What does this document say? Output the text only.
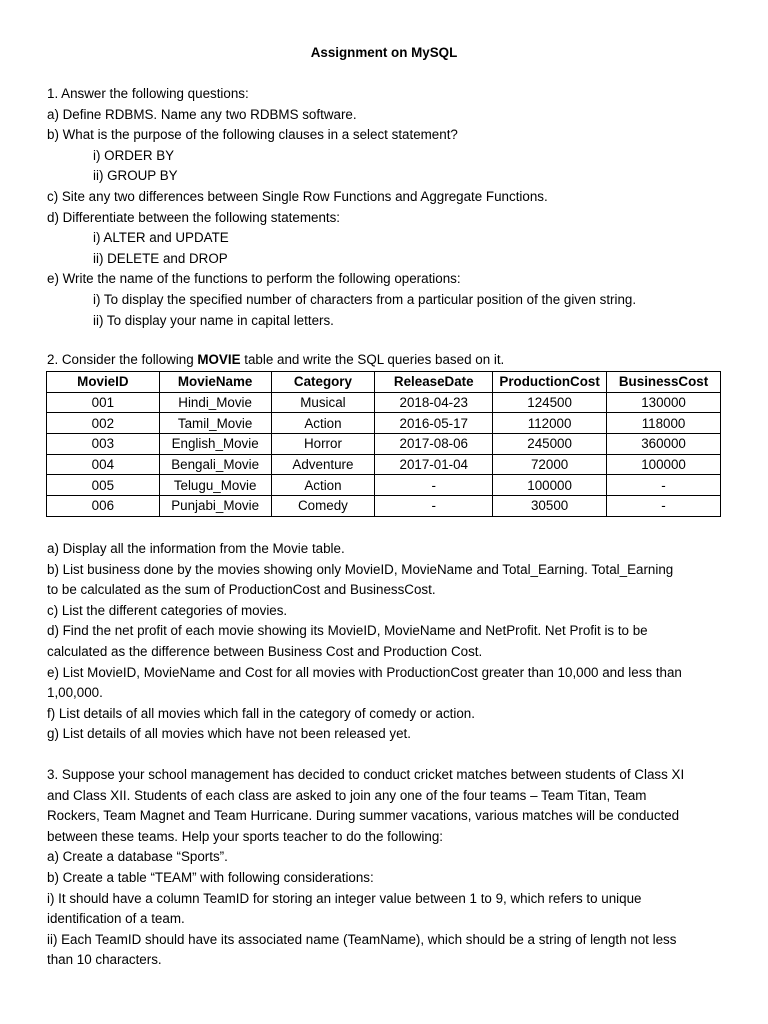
Assignment on MySQL
1. Answer the following questions:
a) Define RDBMS. Name any two RDBMS software.
b) What is the purpose of the following clauses in a select statement?
i) ORDER BY
ii) GROUP BY
c) Site any two differences between Single Row Functions and Aggregate Functions.
d) Differentiate between the following statements:
i) ALTER and UPDATE
ii) DELETE and DROP
e) Write the name of the functions to perform the following operations:
i) To display the specified number of characters from a particular position of the given string.
ii) To display your name in capital letters.
2. Consider the following MOVIE table and write the SQL queries based on it.
MovieID	MovieName	Category	ReleaseDate	ProductionCost	BusinessCost
001	Hindi_Movie	Musical	2018-04-23	124500	130000
002	Tamil_Movie	Action	2016-05-17	112000	118000
003	English_Movie	Horror	2017-08-06	245000	360000
004	Bengali_Movie	Adventure	2017-01-04	72000	100000
005	Telugu_Movie	Action	-	100000	-
006	Punjabi_Movie	Comedy	-	30500	-
a) Display all the information from the Movie table.
b) List business done by the movies showing only MovieID, MovieName and Total_Earning. Total_Earning
to be calculated as the sum of ProductionCost and BusinessCost.
c) List the different categories of movies.
d) Find the net profit of each movie showing its MovieID, MovieName and NetProfit. Net Profit is to be
calculated as the difference between Business Cost and Production Cost.
e) List MovieID, MovieName and Cost for all movies with ProductionCost greater than 10,000 and less than
1,00,000.
f) List details of all movies which fall in the category of comedy or action.
g) List details of all movies which have not been released yet.
3. Suppose your school management has decided to conduct cricket matches between students of Class XI
and Class XII. Students of each class are asked to join any one of the four teams – Team Titan, Team
Rockers, Team Magnet and Team Hurricane. During summer vacations, various matches will be conducted
between these teams. Help your sports teacher to do the following:
a) Create a database “Sports”.
b) Create a table “TEAM” with following considerations:
i) It should have a column TeamID for storing an integer value between 1 to 9, which refers to unique
identification of a team.
ii) Each TeamID should have its associated name (TeamName), which should be a string of length not less
than 10 characters.
